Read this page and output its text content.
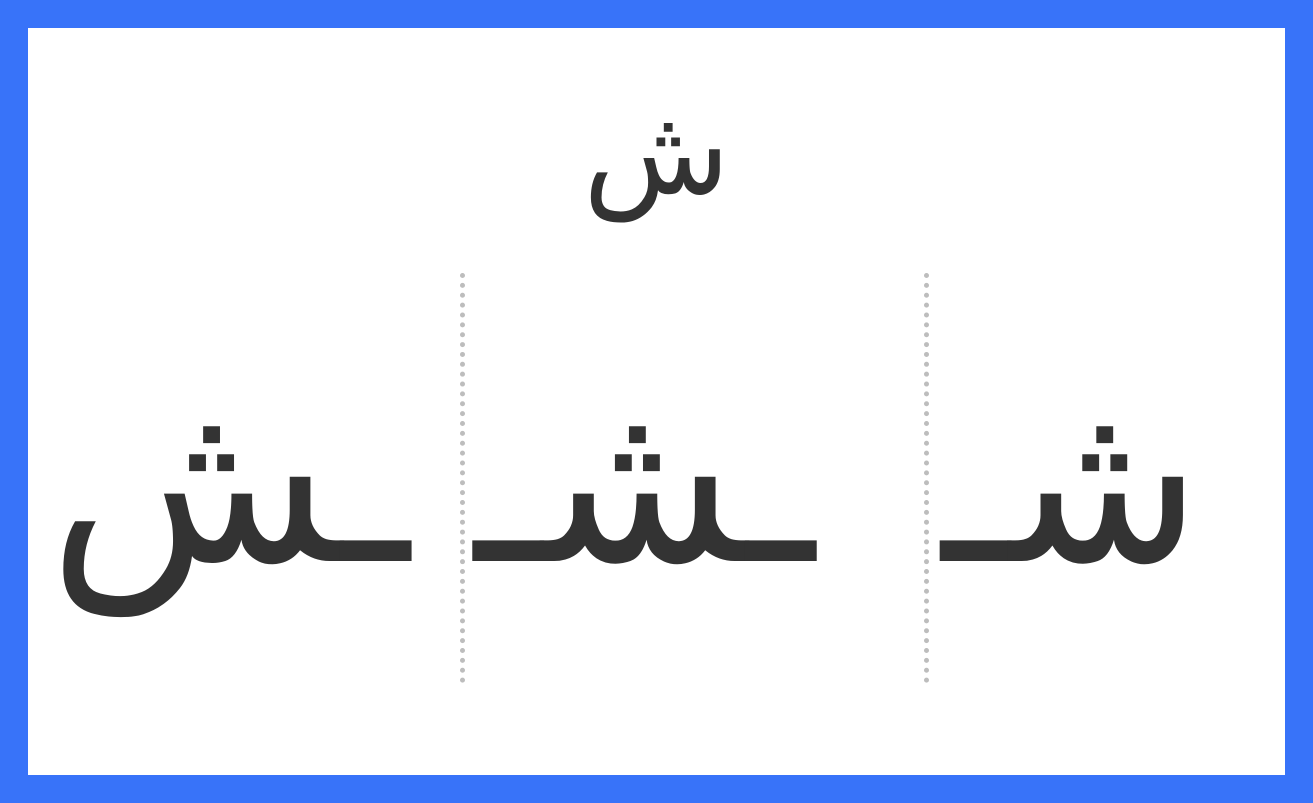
ش
شـ
ـشـ
ـش
